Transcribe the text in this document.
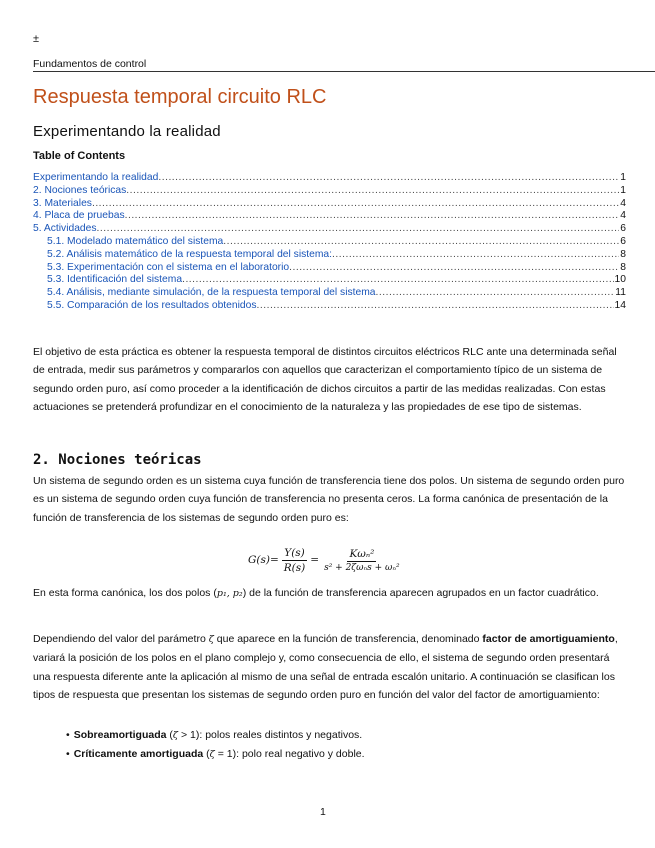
±
Fundamentos de control
Respuesta temporal circuito RLC
Experimentando la realidad
Table of Contents
Experimentando la realidad .....	1
2. Nociones teóricas .....	1
3. Materiales .....	4
4. Placa de pruebas .....	4
5. Actividades .....	6
5.1. Modelado matemático del sistema .....	6
5.2. Análisis matemático de la respuesta temporal del sistema: .....	8
5.3. Experimentación con el sistema en el laboratorio .....	8
5.3. Identificación del sistema .....	10
5.4. Análisis, mediante simulación, de la respuesta temporal del sistema .....	11
5.5. Comparación de los resultados obtenidos .....	14

El objetivo de esta práctica es obtener la respuesta temporal de distintos circuitos eléctricos RLC ante una determinada señal de entrada, medir sus parámetros y compararlos con aquellos que caracterizan el comportamiento típico de un sistema de segundo orden puro, así como proceder a la identificación de dichos circuitos a partir de las medidas realizadas. Con estas actuaciones se pretenderá profundizar en el conocimiento de la naturaleza y las propiedades de ese tipo de sistemas.

2. Nociones teóricas

Un sistema de segundo orden es un sistema cuya función de transferencia tiene dos polos. Un sistema de segundo orden puro es un sistema de segundo orden cuya función de transferencia no presenta ceros. La forma canónica de presentación de la función de transferencia de los sistemas de segundo orden puro es:

$G(s)= \frac{Y(s)}{R(s)} = \frac{\text{Kωₙ²}}{\text{s² + 2ζωₙs + ωₙ²}}$

En esta forma canónica, los dos polos (p₁, p₂) de la función de transferencia aparecen agrupados en un factor cuadrático.

Dependiendo del valor del parámetro ζ que aparece en la función de transferencia, denominado factor de amortiguamiento, variará la posición de los polos en el plano complejo y, como consecuencia de ello, el sistema de segundo orden presentará una respuesta diferente ante la aplicación al mismo de una señal de entrada escalón unitario. A continuación se clasifican los tipos de respuesta que presentan los sistemas de segundo orden puro en función del valor del factor de amortiguamiento:

• Sobreamortiguada (ζ > 1): polos reales distintos y negativos.
• Críticamente amortiguada (ζ = 1): polo real negativo y doble.
1
